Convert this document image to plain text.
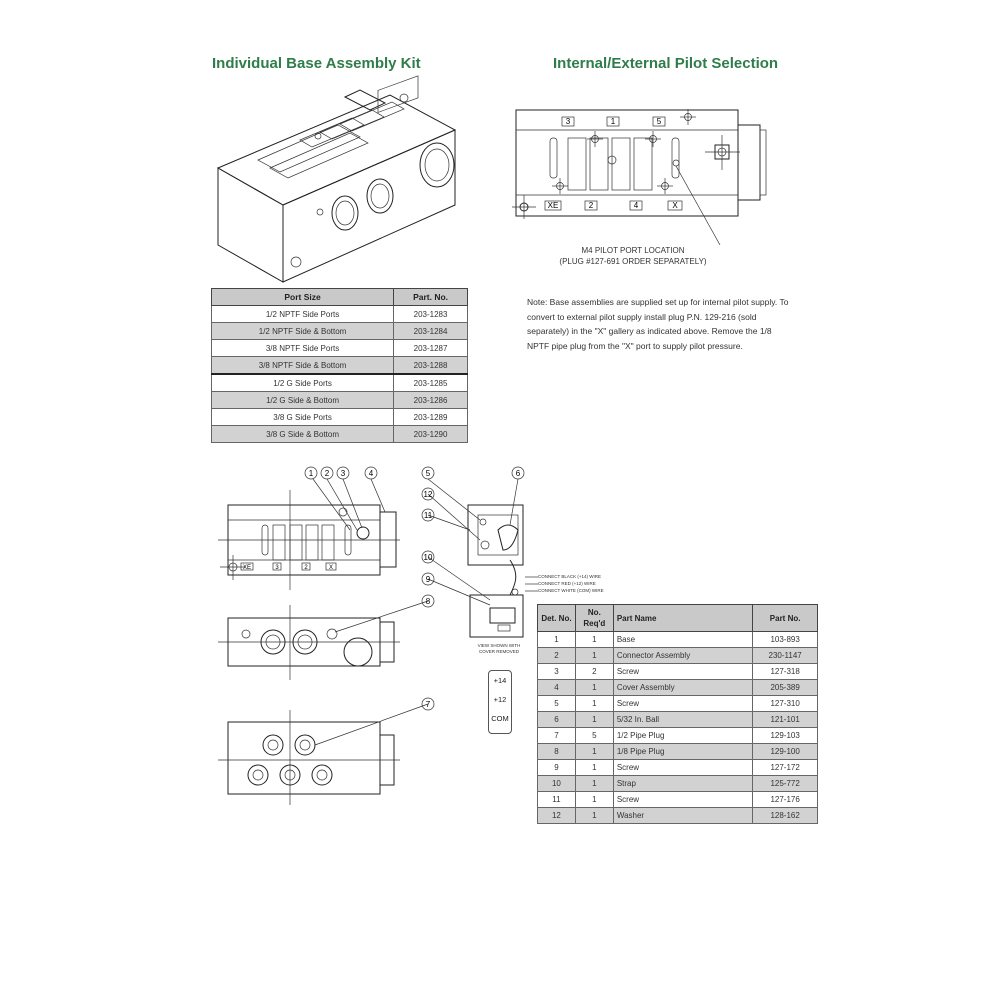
Individual Base Assembly Kit	Internal/External Pilot Selection
Port Size	Part. No.
1/2 NPTF Side Ports	203-1283
1/2 NPTF Side & Bottom	203-1284
3/8 NPTF Side Ports	203-1287
3/8 NPTF Side & Bottom	203-1288
1/2 G Side Ports	203-1285
1/2 G Side & Bottom	203-1286
3/8 G Side Ports	203-1289
3/8 G Side & Bottom	203-1290
3	1	5
XE	2	4	X
M4 PILOT PORT LOCATION
(PLUG #127-691 ORDER SEPARATELY)
Note: Base assemblies are supplied set up for internal pilot supply. To convert to external pilot supply install plug P.N. 129-216 (sold separately) in the "X" gallery as indicated above. Remove the 1/8 NPTF pipe plug from the "X" port to supply pilot pressure.
XE	3	2	X
1 2 3	4	5	6
7
8
9
10
11
12
CONNECT BLACK (+14) WIRE
CONNECT RED (+12) WIRE
CONNECT WHITE (COM) WIRE
VIEW SHOWN WITH
COVER REMOVED
+14
+12
COM
Det. No.	No. Req'd	Part Name	Part No.
1	1	Base	103-893
2	1	Connector Assembly	230-1147
3	2	Screw	127-318
4	1	Cover Assembly	205-389
5	1	Screw	127-310
6	1	5/32 In. Ball	121-101
7	5	1/2 Pipe Plug	129-103
8	1	1/8 Pipe Plug	129-100
9	1	Screw	127-172
10	1	Strap	125-772
11	1	Screw	127-176
12	1	Washer	128-162
